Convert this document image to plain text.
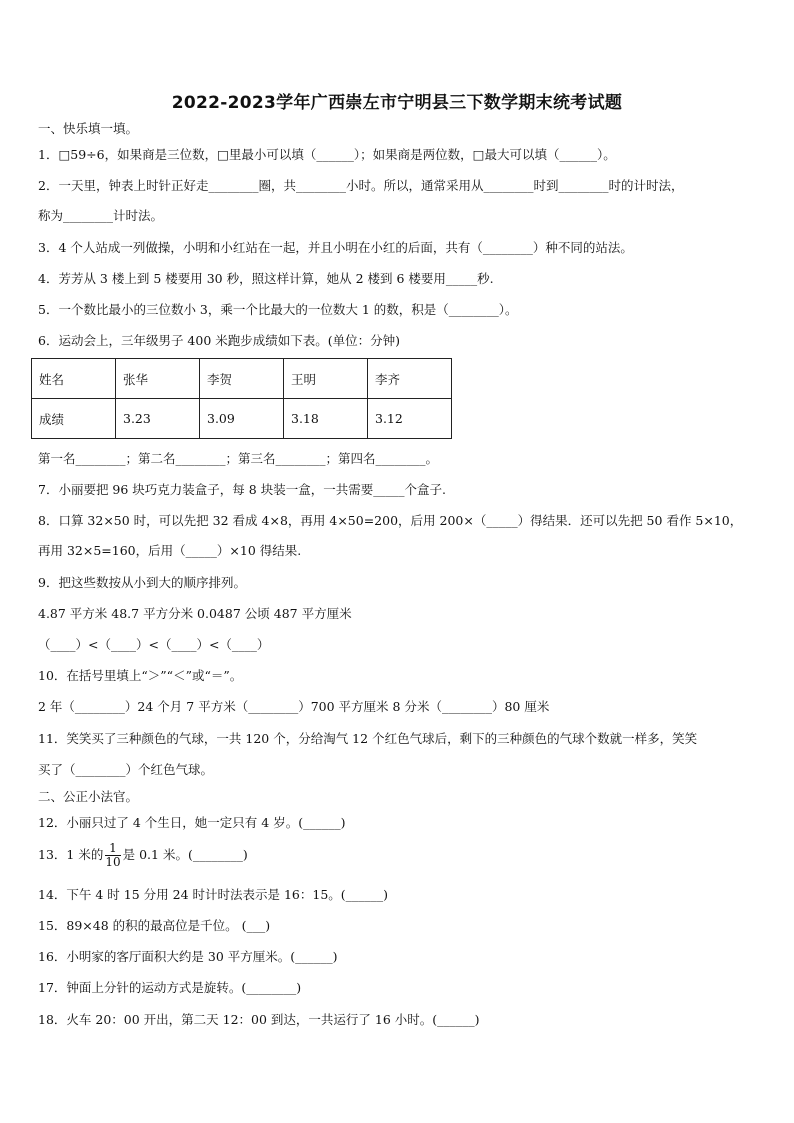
2022-2023学年广西崇左市宁明县三下数学期末统考试题
一、快乐填一填。
1．□59÷6，如果商是三位数，□里最小可以填（______）；如果商是两位数，□最大可以填（______）。
2．一天里，钟表上时针正好走________圈，共________小时。所以，通常采用从________时到________时的计时法，
称为________计时法。
3．4 个人站成一列做操，小明和小红站在一起，并且小明在小红的后面，共有（________）种不同的站法。
4．芳芳从 3 楼上到 5 楼要用 30 秒，照这样计算，她从 2 楼到 6 楼要用_____秒.
5．一个数比最小的三位数小 3，乘一个比最大的一位数大 1 的数，积是（________）。
6．运动会上，三年级男子 400 米跑步成绩如下表。(单位：分钟)
姓名	张华	李贺	王明	李齐
成绩	3.23	3.09	3.18	3.12
第一名________；第二名________；第三名________；第四名________。
7．小丽要把 96 块巧克力装盒子，每 8 块装一盒，一共需要_____个盒子.
8．口算 32×50 时，可以先把 32 看成 4×8，再用 4×50=200，后用 200×（_____）得结果．还可以先把 50 看作 5×10，
再用 32×5=160，后用（_____）×10 得结果.
9．把这些数按从小到大的顺序排列。
4.87 平方米 48.7 平方分米 0.0487 公顷 487 平方厘米
（____）<（____）<（____）<（____）
10．在括号里填上“＞”“＜”或“＝”。
2 年（________）24 个月 7 平方米（________）700 平方厘米 8 分米（________）80 厘米
11．笑笑买了三种颜色的气球，一共 120 个，分给淘气 12 个红色气球后，剩下的三种颜色的气球个数就一样多，笑笑
买了（________）个红色气球。
二、公正小法官。
12．小丽只过了 4 个生日，她一定只有 4 岁。(______)
13．1 米的 $\frac{1}{10}$ 是 0.1 米。(________)
14．下午 4 时 15 分用 24 时计时法表示是 16：15。(______)
15．89×48 的积的最高位是千位。 (___)
16．小明家的客厅面积大约是 30 平方厘米。(______)
17．钟面上分针的运动方式是旋转。(________)
18．火车 20：00 开出，第二天 12：00 到达，一共运行了 16 小时。(______)
